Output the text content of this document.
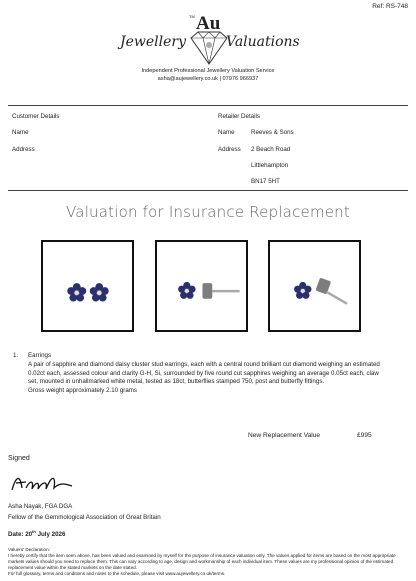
Ref: RS-748
Jewellery	Valuations
TM Au
Independent Professional Jewellery Valuation Service
asha@aujewellery.co.uk | 07976 966937
Customer Details
Name
Address
Retailer Details
Name	Reeves & Sons
Address 2 Beach Road
Littlehampton
BN17 5HT
Valuation for Insurance Replacement
1. Earrings
A pair of sapphire and diamond daisy cluster stud earrings, each with a central round brilliant cut diamond weighing an estimated 0.02ct each, assessed colour and clarity G-H, Si, surrounded by five round cut sapphires weighing an average 0.05ct each, claw set, mounted in unhallmarked white metal, tested as 18ct, butterflies stamped 750, post and butterfly fittings.
Gross weight approximately 2.10 grams
New Replacement Value	£995
Signed
Asha Nayak, FGA DGA
Fellow of the Gemmological Association of Great Britain
Date: 20th July 2026
Valuers' Declaration:
I hereby certify that the item seen above, has been valued and examined by myself for the purpose of insurance valuation only. The values applied for items are based on the most appropriate markets values should you need to replace them. This can vary according to age, design and workmanship of each individual item. These values are my professional opinion of the estimated replacement value within the stated markets on the date stated.
For full glossary, terms and conditions and notes to the schedule, please visit www.aujewellery.co.uk/terms.
